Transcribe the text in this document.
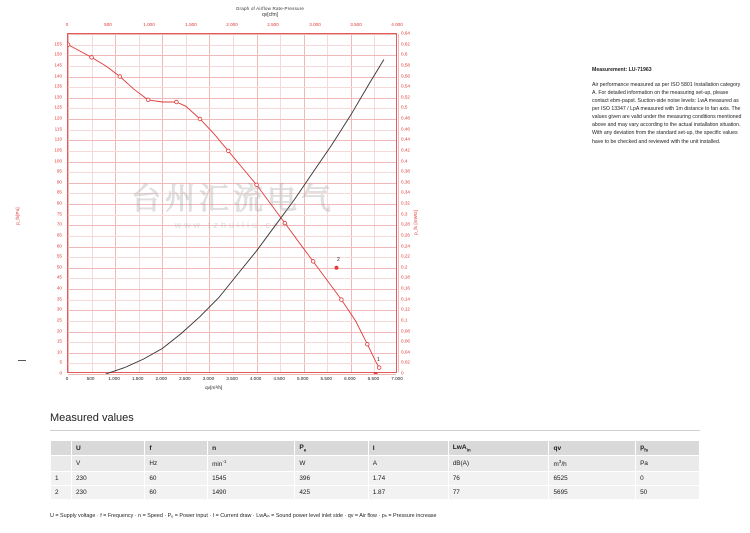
Graph of Airflow Rate-Pressure
qv[cfm]
0	500	1.000	1.500	2.000	2.500	3.000	3.500	4 000
台州汇流电气
www.tzhuiliu.com
0
5
10
15
20
25
30
35
40
45
50
55
60
65
70
75
80
85
90
95
100
105
110
115
120
125
130
135
140
145
150
155
0
0,02
0,04
0,06
0,08
0,1
0,12
0,14
0,16
0,18
0,2
0,22
0,24
0,26
0,28
0,3
0,32
0,34
0,36
0,38
0,4
0,42
0,44
0,46
0,48
0,5
0,52
0,54
0,56
0,58
0,6
0,62
0,64
0	500	1.000	1.500	2.000	2.500	3.000	3.500	4.000	4.500	5.000	5.500	6.000	6.500	7.000
p_fs[Pa]	p_fs [inWG]
qv[m³/h]
2
1
Measurement: LU-71963
Air performance measured as per ISO 5801 Installation category A. For detailed information on the measuring set-up, please contact ebm-papst. Suction-side noise levels: LwA measured as per ISO 13347 / LpA measured with 1m distance to fan axis. The values given are valid under the measuring conditions mentioned above and may vary according to the actual installation situation. With any deviation from the standard set-up, the specific values have to be checked and reviewed with the unit installed.
Measured values
	U	f	n	$P_e$	I	LwA$_{in}$	qv	$p_{fs}$
	V	Hz	$\min^{-1}$	W	A	dB(A)	$m^3/h$	Pa
1	230	60	1545	396	1.74	76	6525	0
2	230	60	1490	425	1.87	77	5695	50
U = Supply voltage · f = Frequency · n = Speed · Pₑ = Power input · I = Current draw · LwAᵢₙ = Sound power level inlet side · qv = Air flow · pₕ = Pressure increase
